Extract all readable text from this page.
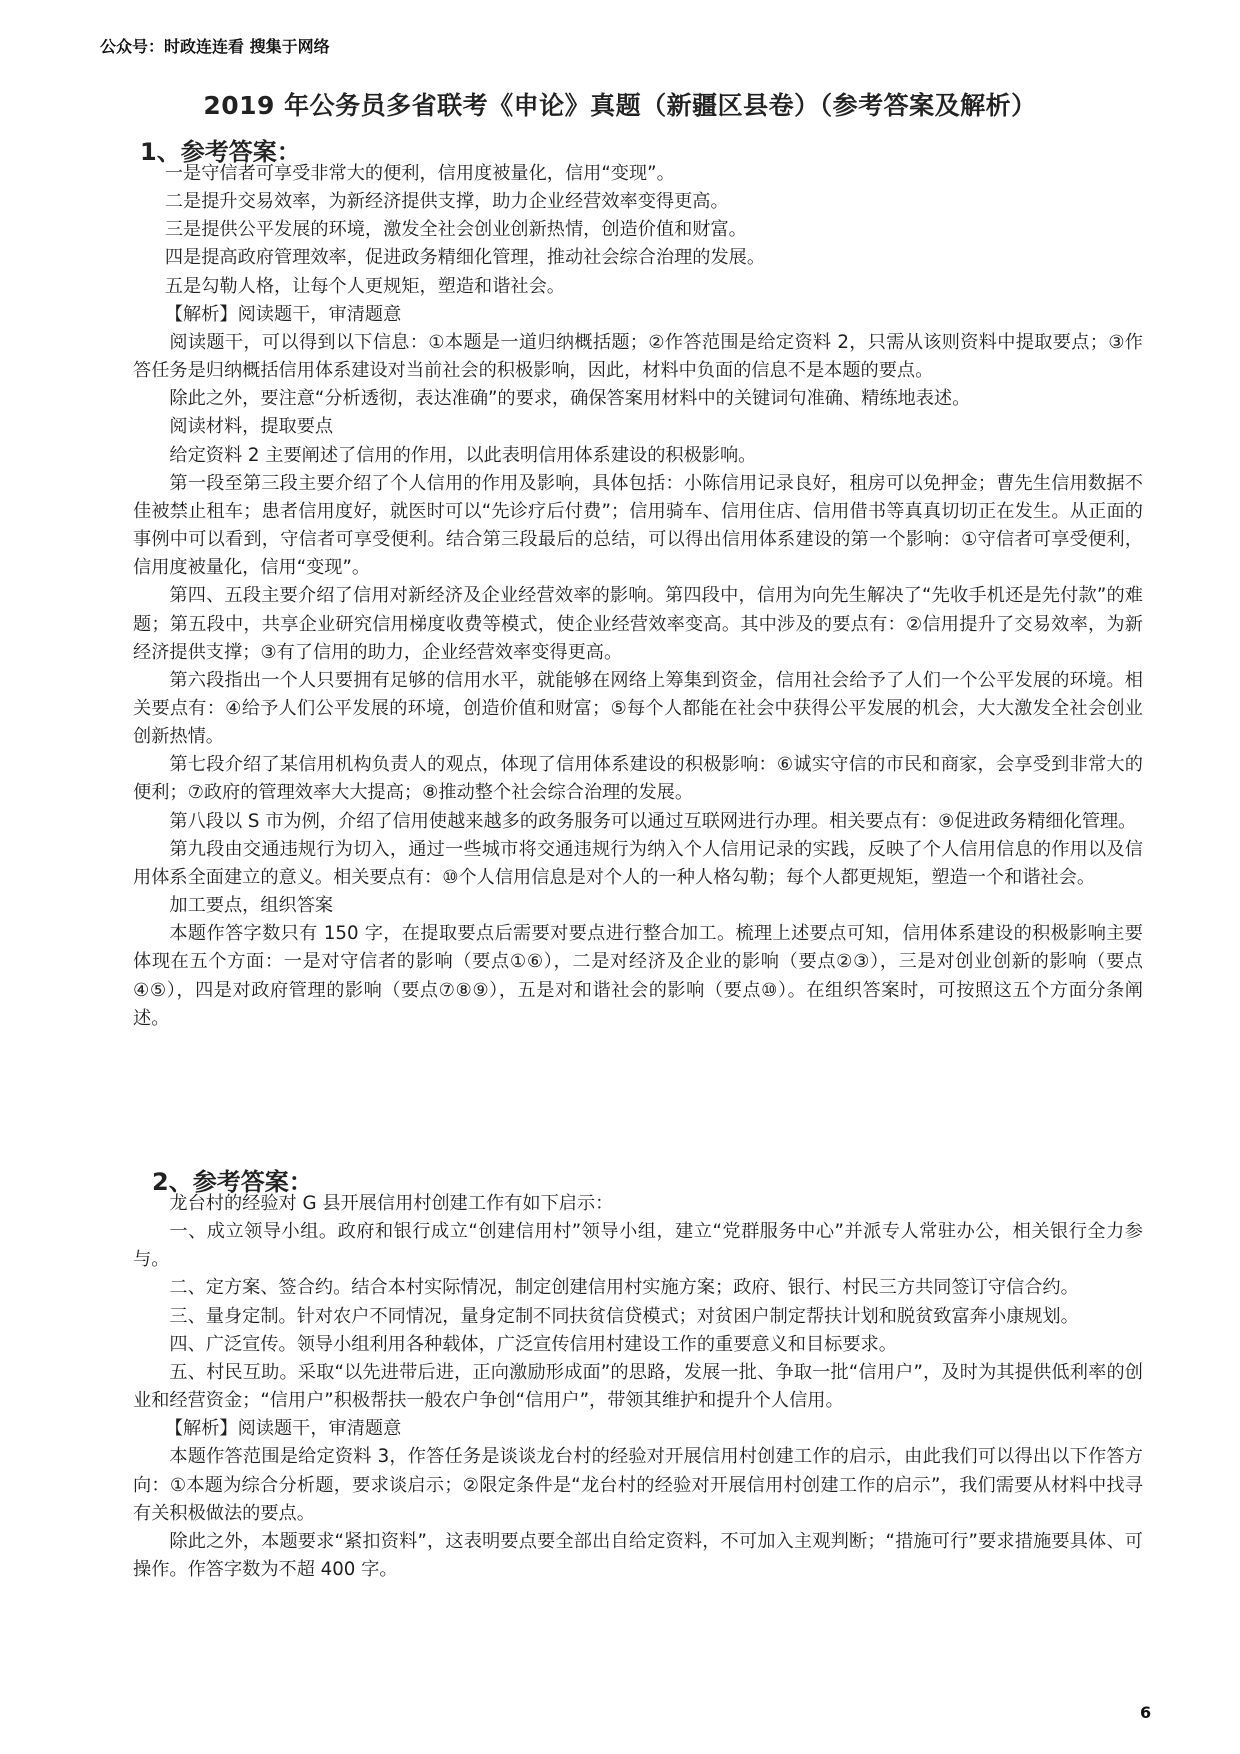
公众号：时政连连看 搜集于网络
2019 年公务员多省联考《申论》真题（新疆区县卷）（参考答案及解析）
1、参考答案：

一是守信者可享受非常大的便利，信用度被量化，信用“变现”。

二是提升交易效率，为新经济提供支撑，助力企业经营效率变得更高。

三是提供公平发展的环境，激发全社会创业创新热情，创造价值和财富。

四是提高政府管理效率，促进政务精细化管理，推动社会综合治理的发展。

五是勾勒人格，让每个人更规矩，塑造和谐社会。

【解析】阅读题干，审清题意

阅读题干，可以得到以下信息：①本题是一道归纳概括题；②作答范围是给定资料 2，只需从该则资料中提取要点；③作答任务是归纳概括信用体系建设对当前社会的积极影响，因此，材料中负面的信息不是本题的要点。

除此之外，要注意“分析透彻，表达准确”的要求，确保答案用材料中的关键词句准确、精练地表述。

阅读材料，提取要点

给定资料 2 主要阐述了信用的作用，以此表明信用体系建设的积极影响。

第一段至第三段主要介绍了个人信用的作用及影响，具体包括：小陈信用记录良好，租房可以免押金；曹先生信用数据不佳被禁止租车；患者信用度好，就医时可以“先诊疗后付费”；信用骑车、信用住店、信用借书等真真切切正在发生。从正面的事例中可以看到，守信者可享受便利。结合第三段最后的总结，可以得出信用体系建设的第一个影响：①守信者可享受便利，信用度被量化，信用“变现”。

第四、五段主要介绍了信用对新经济及企业经营效率的影响。第四段中，信用为向先生解决了“先收手机还是先付款”的难题；第五段中，共享企业研究信用梯度收费等模式，使企业经营效率变高。其中涉及的要点有：②信用提升了交易效率，为新经济提供支撑；③有了信用的助力，企业经营效率变得更高。

第六段指出一个人只要拥有足够的信用水平，就能够在网络上筹集到资金，信用社会给予了人们一个公平发展的环境。相关要点有：④给予人们公平发展的环境，创造价值和财富；⑤每个人都能在社会中获得公平发展的机会，大大激发全社会创业创新热情。

第七段介绍了某信用机构负责人的观点，体现了信用体系建设的积极影响：⑥诚实守信的市民和商家，会享受到非常大的便利；⑦政府的管理效率大大提高；⑧推动整个社会综合治理的发展。

第八段以 S 市为例，介绍了信用使越来越多的政务服务可以通过互联网进行办理。相关要点有：⑨促进政务精细化管理。

第九段由交通违规行为切入，通过一些城市将交通违规行为纳入个人信用记录的实践，反映了个人信用信息的作用以及信用体系全面建立的意义。相关要点有：⑩个人信用信息是对个人的一种人格勾勒；每个人都更规矩，塑造一个和谐社会。

加工要点，组织答案

本题作答字数只有 150 字，在提取要点后需要对要点进行整合加工。梳理上述要点可知，信用体系建设的积极影响主要体现在五个方面：一是对守信者的影响（要点①⑥），二是对经济及企业的影响（要点②③），三是对创业创新的影响（要点④⑤），四是对政府管理的影响（要点⑦⑧⑨），五是对和谐社会的影响（要点⑩）。在组织答案时，可按照这五个方面分条阐述。

2、参考答案：

龙台村的经验对 G 县开展信用村创建工作有如下启示：

一、成立领导小组。政府和银行成立“创建信用村”领导小组，建立“党群服务中心”并派专人常驻办公，相关银行全力参与。

二、定方案、签合约。结合本村实际情况，制定创建信用村实施方案；政府、银行、村民三方共同签订守信合约。

三、量身定制。针对农户不同情况，量身定制不同扶贫信贷模式；对贫困户制定帮扶计划和脱贫致富奔小康规划。

四、广泛宣传。领导小组利用各种载体，广泛宣传信用村建设工作的重要意义和目标要求。

五、村民互助。采取“以先进带后进，正向激励形成面”的思路，发展一批、争取一批“信用户”，及时为其提供低利率的创业和经营资金；“信用户”积极帮扶一般农户争创“信用户”，带领其维护和提升个人信用。

【解析】阅读题干，审清题意

本题作答范围是给定资料 3，作答任务是谈谈龙台村的经验对开展信用村创建工作的启示，由此我们可以得出以下作答方向：①本题为综合分析题，要求谈启示；②限定条件是“龙台村的经验对开展信用村创建工作的启示”，我们需要从材料中找寻有关积极做法的要点。

除此之外，本题要求“紧扣资料”，这表明要点要全部出自给定资料，不可加入主观判断；“措施可行”要求措施要具体、可操作。作答字数为不超 400 字。

6
